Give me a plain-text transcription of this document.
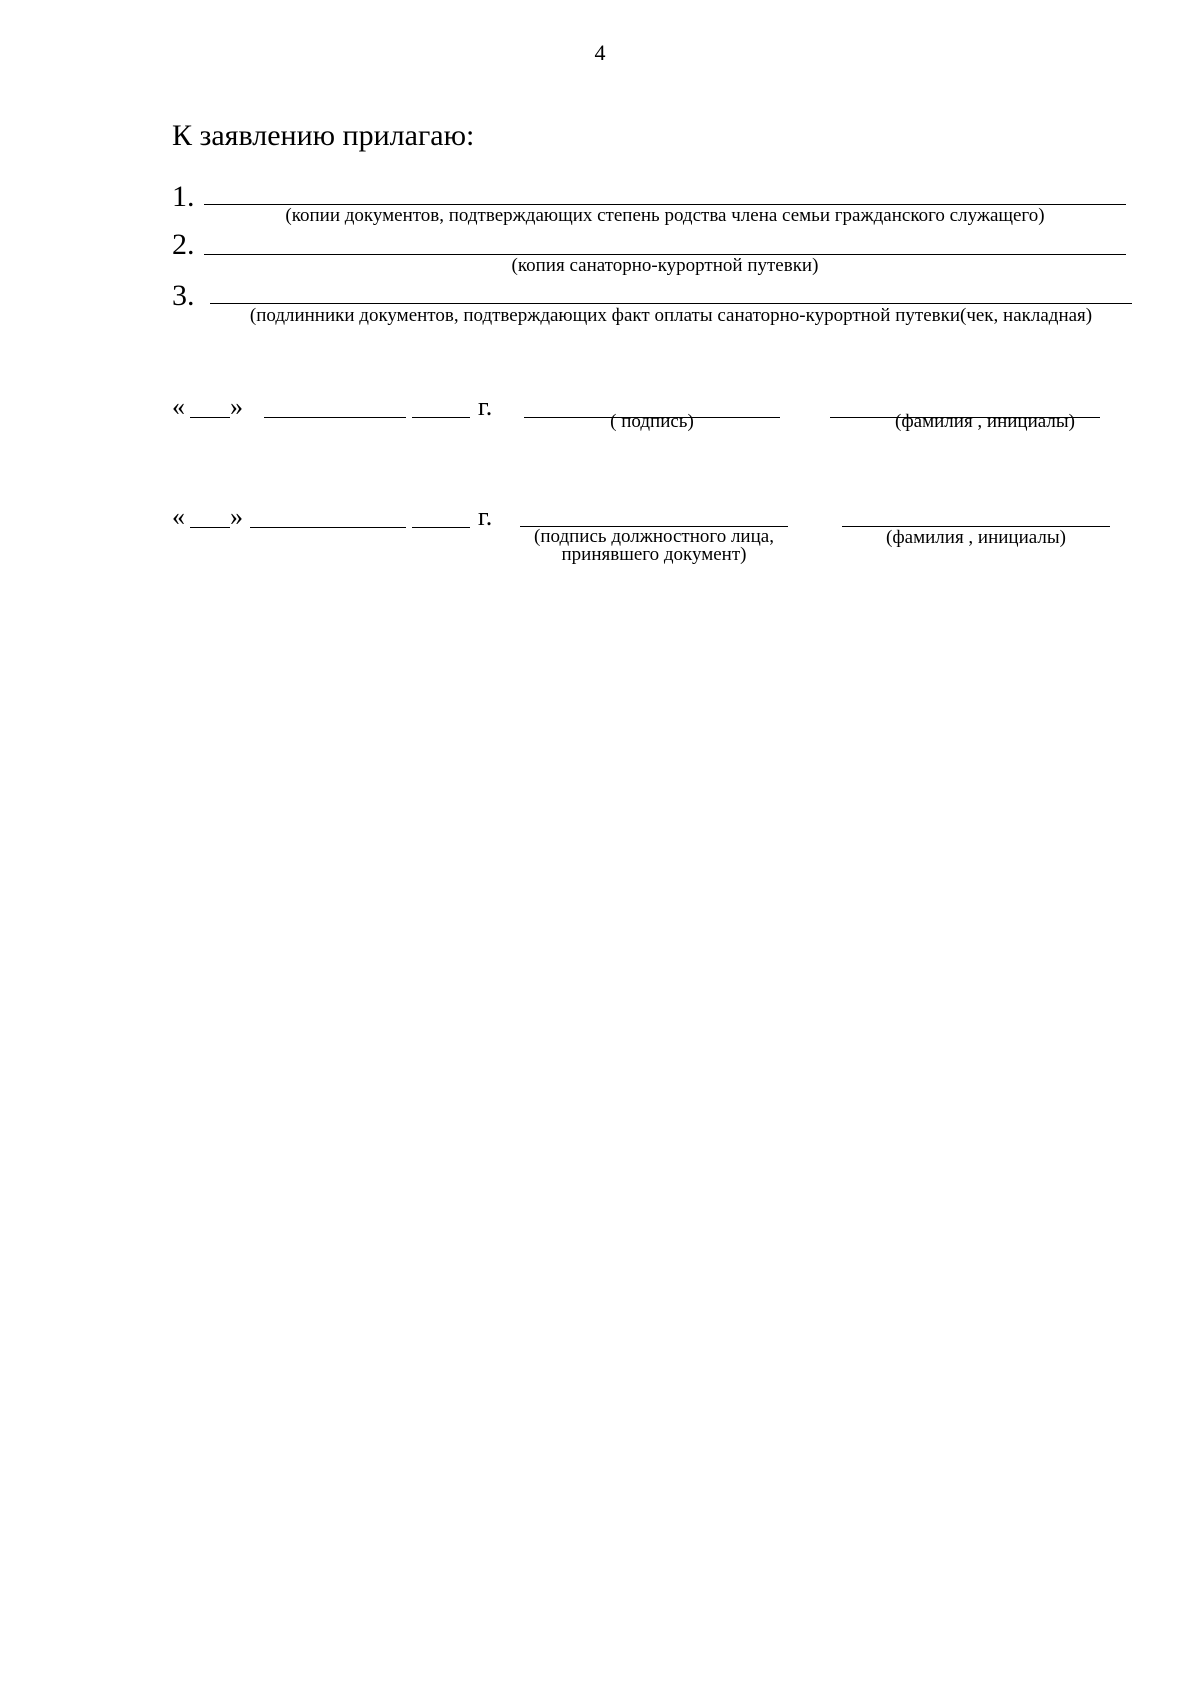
4
К заявлению прилагаю:
1.
(копии документов, подтверждающих степень родства члена семьи гражданского служащего)
2.
(копия санаторно-курортной путевки)
3.
(подлинники документов, подтверждающих факт оплаты санаторно-курортной путевки(чек, накладная)
« »	г.
( подпись)	(фамилия , инициалы)
« »	г.
(подпись должностного лица,
принявшего документ)
(фамилия , инициалы)
